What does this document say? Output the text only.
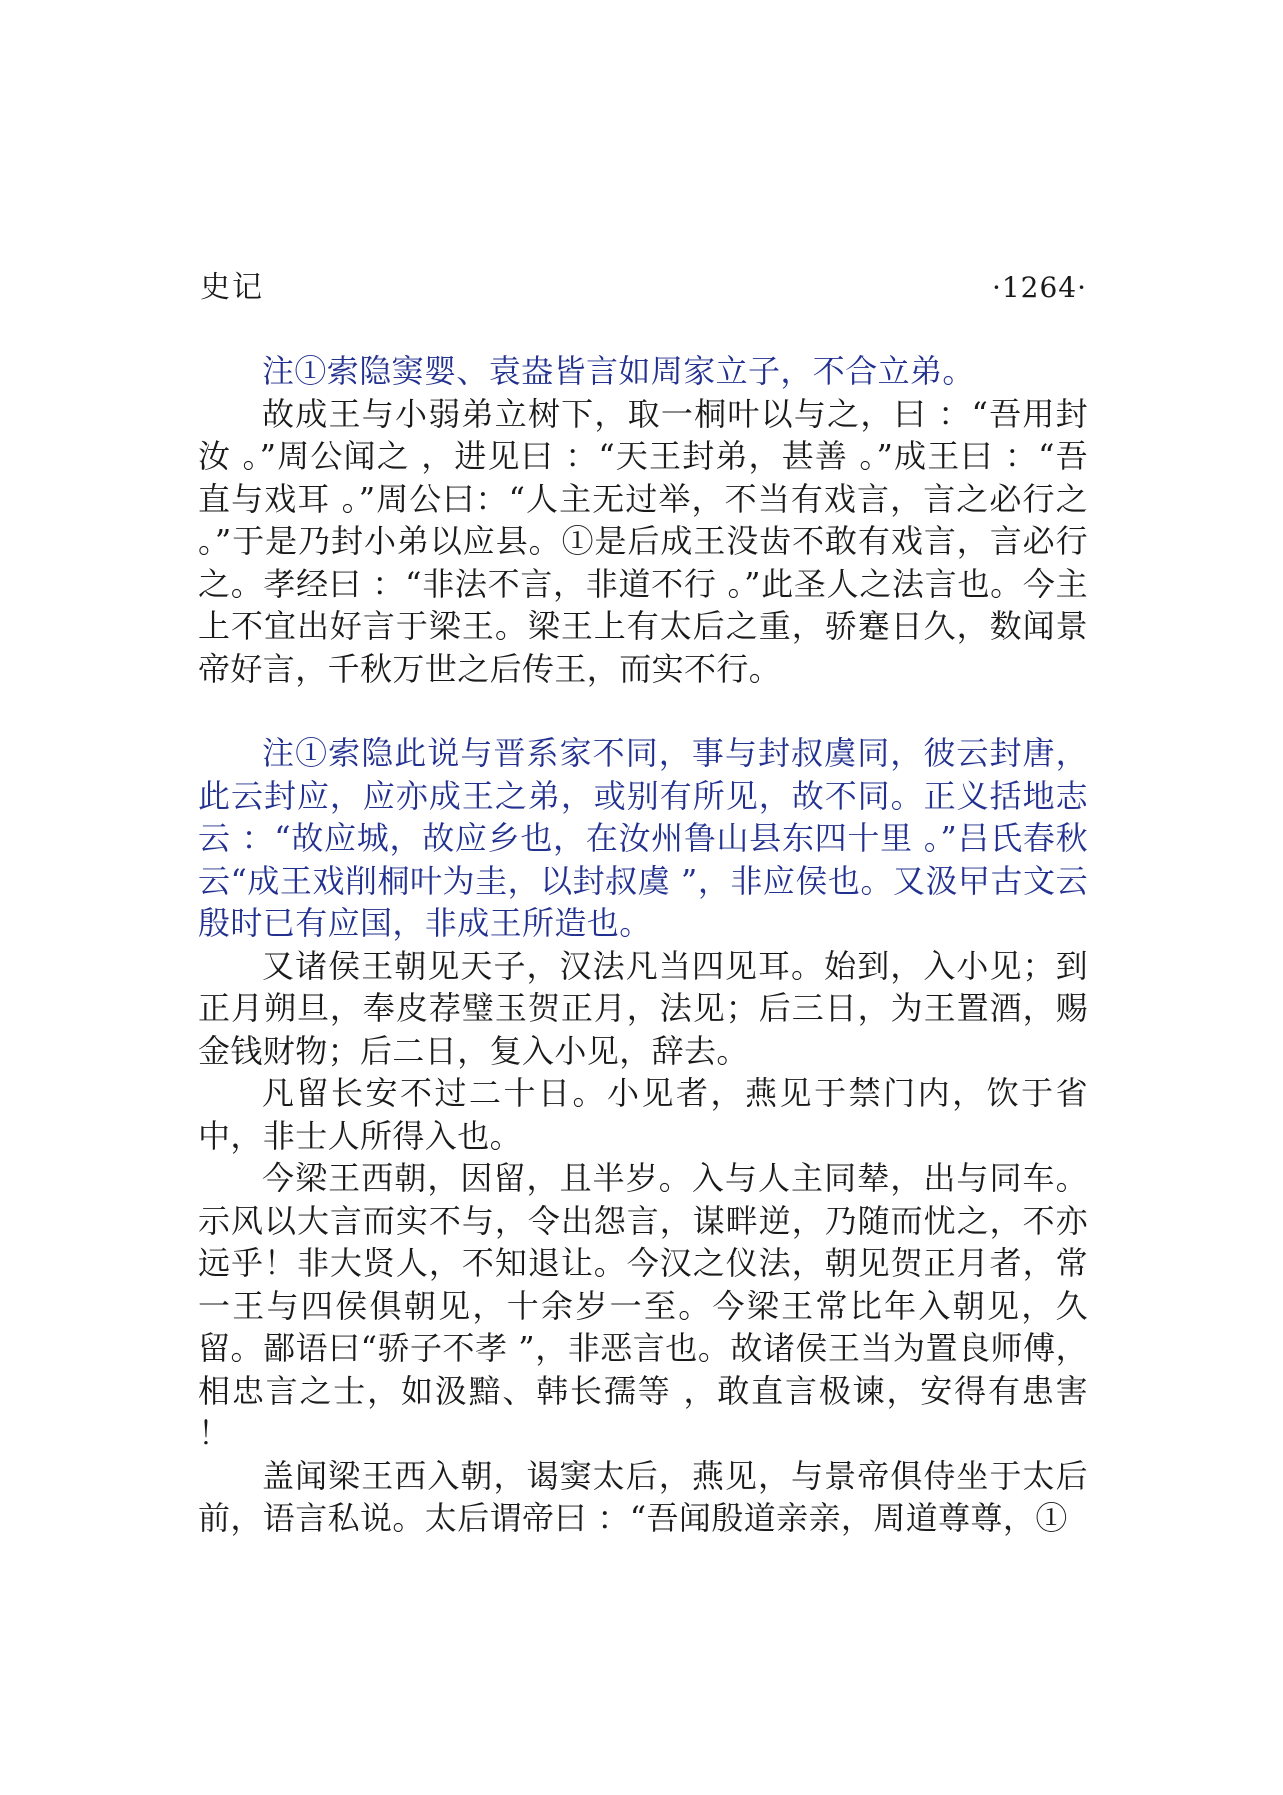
史记	·1264·

注①索隐窦婴、袁盎皆言如周家立子，不合立弟。

故成王与小弱弟立树下，取一桐叶以与之，曰 ：“吾用封汝 。”周公闻之 ，进见曰 ：“天王封弟，甚善 。”成王曰 ：“吾直与戏耳 。”周公曰：“人主无过举，不当有戏言，言之必行之 。”于是乃封小弟以应县。①是后成王没齿不敢有戏言，言必行之。孝经曰 ：“非法不言，非道不行 。”此圣人之法言也。今主上不宜出好言于梁王。梁王上有太后之重，骄蹇日久，数闻景帝好言，千秋万世之后传王，而实不行。

注①索隐此说与晋系家不同，事与封叔虞同，彼云封唐，此云封应，应亦成王之弟，或别有所见，故不同。正义括地志云 ：“故应城，故应乡也，在汝州鲁山县东四十里 。”吕氏春秋云“成王戏削桐叶为圭，以封叔虞 ”，非应侯也。又汲曱古文云殷时已有应国，非成王所造也。

又诸侯王朝见天子，汉法凡当四见耳。始到，入小见；到正月朔旦，奉皮荐璧玉贺正月，法见；后三日，为王置酒，赐金钱财物；后二日，复入小见，辞去。

凡留长安不过二十日。小见者，燕见于禁门内，饮于省中，非士人所得入也。

今梁王西朝，因留，且半岁。入与人主同辇，出与同车。示风以大言而实不与，令出怨言，谋畔逆，乃随而忧之，不亦远乎！非大贤人，不知退让。今汉之仪法，朝见贺正月者，常一王与四侯俱朝见，十余岁一至。今梁王常比年入朝见，久留。鄙语曰“骄子不孝 ”，非恶言也。故诸侯王当为置良师傅，相忠言之士，如汲黯、韩长孺等 ，敢直言极谏，安得有患害 ！

盖闻梁王西入朝，谒窦太后，燕见，与景帝俱侍坐于太后前，语言私说。太后谓帝曰 ：“吾闻殷道亲亲，周道尊尊，①
